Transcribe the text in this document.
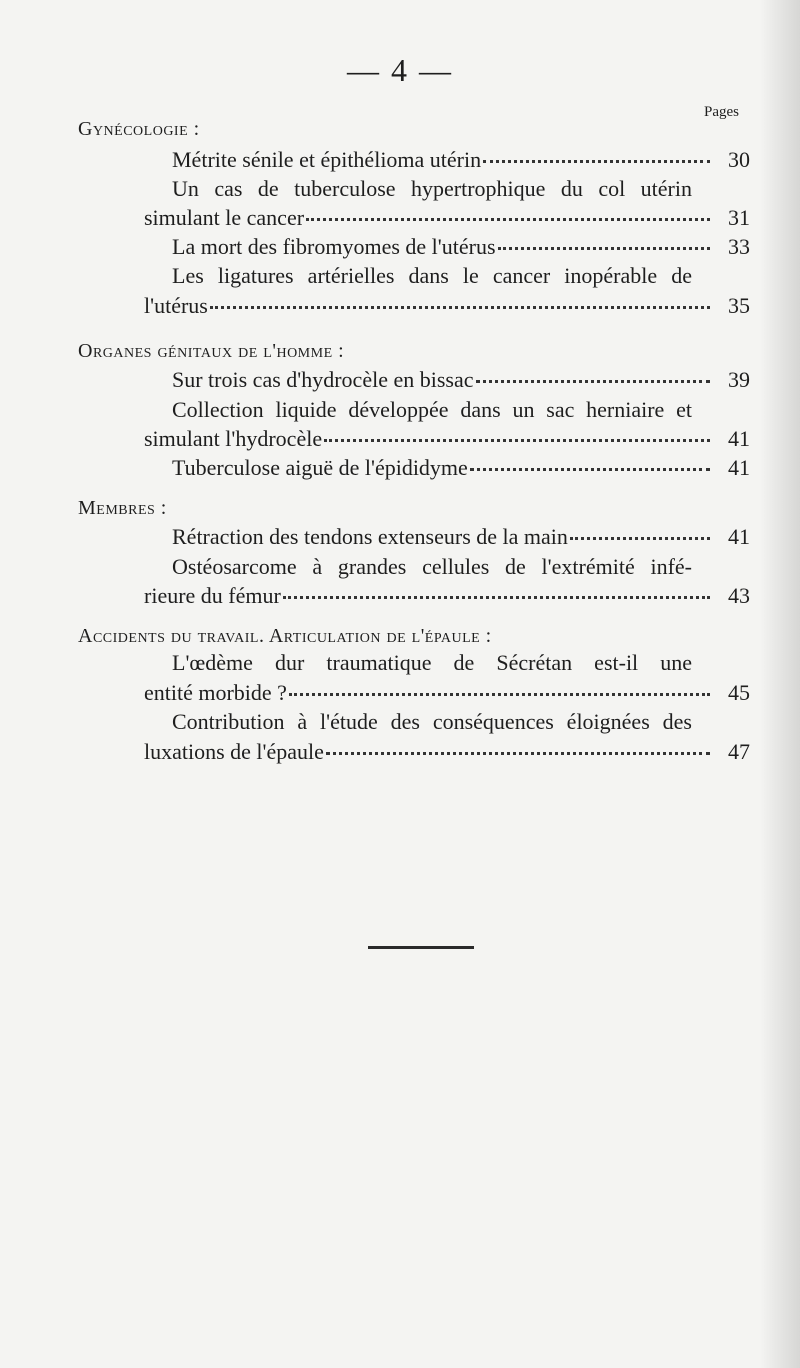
— 4 —
Pages
Gynécologie :
Métrite sénile et épithélioma utérin	30
Un cas de tuberculose hypertrophique du col utérin
simulant le cancer	31
La mort des fibromyomes de l'utérus	33
Les ligatures artérielles dans le cancer inopérable de
l'utérus	35
Organes génitaux de l'homme :
Sur trois cas d'hydrocèle en bissac	39
Collection liquide développée dans un sac herniaire et
simulant l'hydrocèle	41
Tuberculose aiguë de l'épididyme	41
Membres :
Rétraction des tendons extenseurs de la main	41
Ostéosarcome à grandes cellules de l'extrémité infé-
rieure du fémur	43
Accidents du travail. Articulation de l'épaule :
L'œdème dur traumatique de Sécrétan est-il une
entité morbide ?	45
Contribution à l'étude des conséquences éloignées des
luxations de l'épaule	47
